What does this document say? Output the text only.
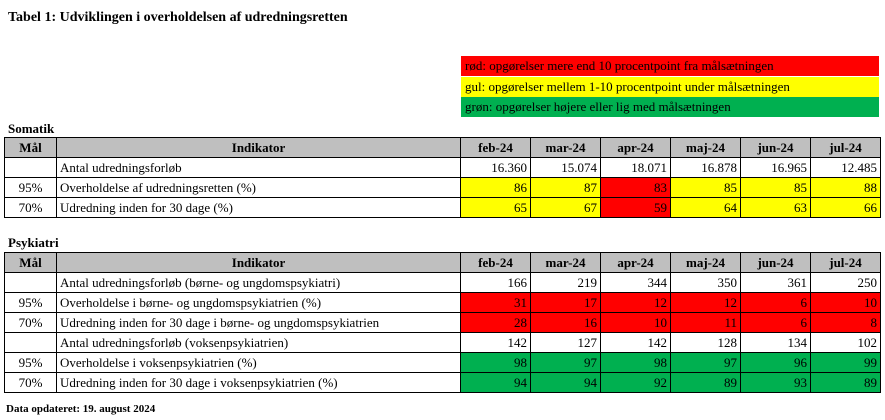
Tabel 1: Udviklingen i overholdelsen af udredningsretten
rød: opgørelser mere end 10 procentpoint fra målsætningen
gul: opgørelser mellem 1-10 procentpoint under målsætningen
grøn: opgørelser højere eller lig med målsætningen
Somatik
Mål	Indikator	feb-24	mar-24	apr-24	maj-24	jun-24	jul-24
	Antal udredningsforløb	16.360	15.074	18.071	16.878	16.965	12.485
95%	Overholdelse af udredningsretten (%)	86	87	83	85	85	88
70%	Udredning inden for 30 dage (%)	65	67	59	64	63	66
Psykiatri
Mål	Indikator	feb-24	mar-24	apr-24	maj-24	jun-24	jul-24
	Antal udredningsforløb (børne- og ungdomspsykiatri)	166	219	344	350	361	250
95%	Overholdelse i børne- og ungdomspsykiatrien (%)	31	17	12	12	6	10
70%	Udredning inden for 30 dage i børne- og ungdomspsykiatrien	28	16	10	11	6	8
	Antal udredningsforløb (voksenpsykiatrien)	142	127	142	128	134	102
95%	Overholdelse i voksenpsykiatrien (%)	98	97	98	97	96	99
70%	Udredning inden for 30 dage i voksenpsykiatrien (%)	94	94	92	89	93	89
Data opdateret: 19. august 2024
